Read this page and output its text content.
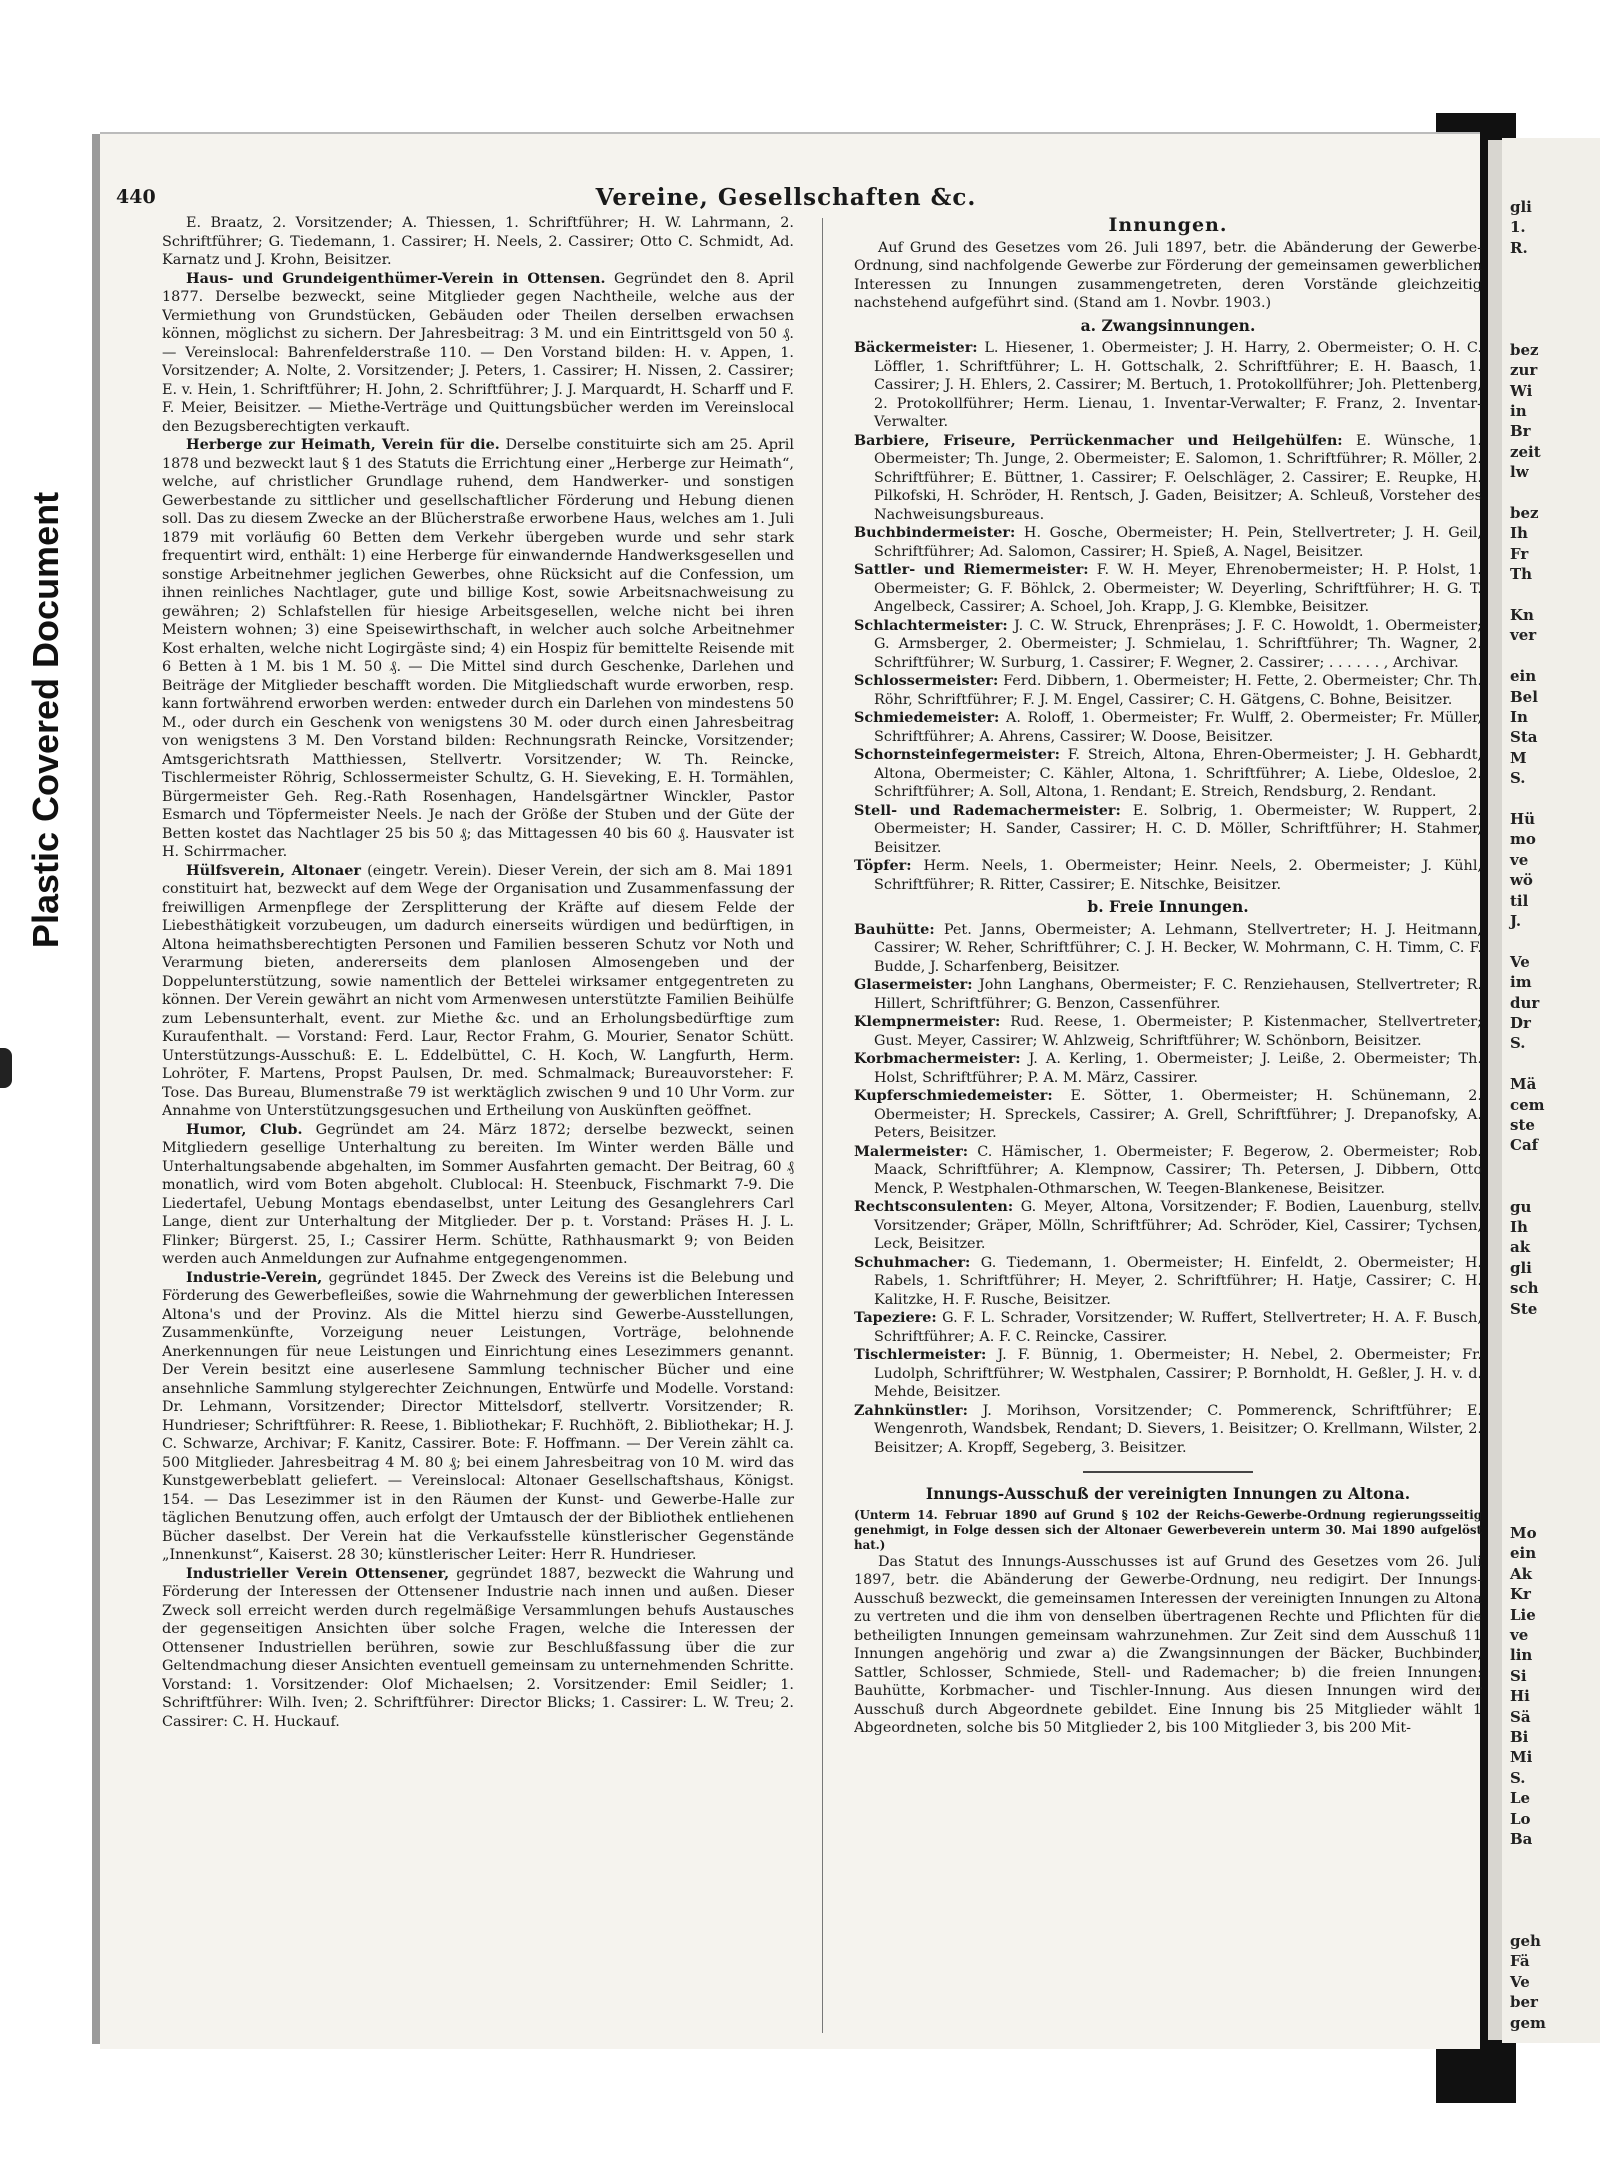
Plastic Covered Document
440	Vereine, Gesellschaften &c.

E. Braatz, 2. Vorsitzender; A. Thiessen, 1. Schriftführer; H. W. Lahrmann, 2. Schriftführer; G. Tiedemann, 1. Cassirer; H. Neels, 2. Cassirer; Otto C. Schmidt, Ad. Karnatz und J. Krohn, Beisitzer.

Haus- und Grundeigenthümer-Verein in Ottensen. Gegründet den 8. April 1877. Derselbe bezweckt, seine Mitglieder gegen Nachtheile, welche aus der Vermiethung von Grundstücken, Gebäuden oder Theilen derselben erwachsen können, möglichst zu sichern. Der Jahresbeitrag: 3 M. und ein Eintrittsgeld von 50 ₰. — Vereinslocal: Bahrenfelderstraße 110. — Den Vorstand bilden: H. v. Appen, 1. Vorsitzender; A. Nolte, 2. Vorsitzender; J. Peters, 1. Cassirer; H. Nissen, 2. Cassirer; E. v. Hein, 1. Schriftführer; H. John, 2. Schriftführer; J. J. Marquardt, H. Scharff und F. F. Meier, Beisitzer. — Miethe-Verträge und Quittungsbücher werden im Vereinslocal den Bezugsberechtigten verkauft.

Herberge zur Heimath, Verein für die. Derselbe constituirte sich am 25. April 1878 und bezweckt laut § 1 des Statuts die Errichtung einer „Herberge zur Heimath“, welche, auf christlicher Grundlage ruhend, dem Handwerker- und sonstigen Gewerbestande zu sittlicher und gesellschaftlicher Förderung und Hebung dienen soll. Das zu diesem Zwecke an der Blücherstraße erworbene Haus, welches am 1. Juli 1879 mit vorläufig 60 Betten dem Verkehr übergeben wurde und sehr stark frequentirt wird, enthält: 1) eine Herberge für einwandernde Handwerksgesellen und sonstige Arbeitnehmer jeglichen Gewerbes, ohne Rücksicht auf die Confession, um ihnen reinliches Nachtlager, gute und billige Kost, sowie Arbeitsnachweisung zu gewähren; 2) Schlafstellen für hiesige Arbeitsgesellen, welche nicht bei ihren Meistern wohnen; 3) eine Speisewirthschaft, in welcher auch solche Arbeitnehmer Kost erhalten, welche nicht Logirgäste sind; 4) ein Hospiz für bemittelte Reisende mit 6 Betten à 1 M. bis 1 M. 50 ₰. — Die Mittel sind durch Geschenke, Darlehen und Beiträge der Mitglieder beschafft worden. Die Mitgliedschaft wurde erworben, resp. kann fortwährend erworben werden: entweder durch ein Darlehen von mindestens 50 M., oder durch ein Geschenk von wenigstens 30 M. oder durch einen Jahresbeitrag von wenigstens 3 M. Den Vorstand bilden: Rechnungsrath Reincke, Vorsitzender; Amtsgerichtsrath Matthiessen, Stellvertr. Vorsitzender; W. Th. Reincke, Tischlermeister Röhrig, Schlossermeister Schultz, G. H. Sieveking, E. H. Tormählen, Bürgermeister Geh. Reg.-Rath Rosenhagen, Handelsgärtner Winckler, Pastor Esmarch und Töpfermeister Neels. Je nach der Größe der Stuben und der Güte der Betten kostet das Nachtlager 25 bis 50 ₰; das Mittagessen 40 bis 60 ₰. Hausvater ist H. Schirrmacher.

Hülfsverein, Altonaer (eingetr. Verein). Dieser Verein, der sich am 8. Mai 1891 constituirt hat, bezweckt auf dem Wege der Organisation und Zusammenfassung der freiwilligen Armenpflege der Zersplitterung der Kräfte auf diesem Felde der Liebesthätigkeit vorzubeugen, um dadurch einerseits würdigen und bedürftigen, in Altona heimathsberechtigten Personen und Familien besseren Schutz vor Noth und Verarmung bieten, andererseits dem planlosen Almosengeben und der Doppelunterstützung, sowie namentlich der Bettelei wirksamer entgegentreten zu können. Der Verein gewährt an nicht vom Armenwesen unterstützte Familien Beihülfe zum Lebensunterhalt, event. zur Miethe &c. und an Erholungsbedürftige zum Kuraufenthalt. — Vorstand: Ferd. Laur, Rector Frahm, G. Mourier, Senator Schütt. Unterstützungs-Ausschuß: E. L. Eddelbüttel, C. H. Koch, W. Langfurth, Herm. Lohröter, F. Martens, Propst Paulsen, Dr. med. Schmalmack; Bureauvorsteher: F. Tose. Das Bureau, Blumenstraße 79 ist werktäglich zwischen 9 und 10 Uhr Vorm. zur Annahme von Unterstützungsgesuchen und Ertheilung von Auskünften geöffnet.

Humor, Club. Gegründet am 24. März 1872; derselbe bezweckt, seinen Mitgliedern gesellige Unterhaltung zu bereiten. Im Winter werden Bälle und Unterhaltungsabende abgehalten, im Sommer Ausfahrten gemacht. Der Beitrag, 60 ₰ monatlich, wird vom Boten abgeholt. Clublocal: H. Steenbuck, Fischmarkt 7-9. Die Liedertafel, Uebung Montags ebendaselbst, unter Leitung des Gesanglehrers Carl Lange, dient zur Unterhaltung der Mitglieder. Der p. t. Vorstand: Präses H. J. L. Flinker; Bürgerst. 25, I.; Cassirer Herm. Schütte, Rathhausmarkt 9; von Beiden werden auch Anmeldungen zur Aufnahme entgegengenommen.

Industrie-Verein, gegründet 1845. Der Zweck des Vereins ist die Belebung und Förderung des Gewerbefleißes, sowie die Wahrnehmung der gewerblichen Interessen Altona's und der Provinz. Als die Mittel hierzu sind Gewerbe-Ausstellungen, Zusammenkünfte, Vorzeigung neuer Leistungen, Vorträge, belohnende Anerkennungen für neue Leistungen und Einrichtung eines Lesezimmers genannt. Der Verein besitzt eine auserlesene Sammlung technischer Bücher und eine ansehnliche Sammlung stylgerechter Zeichnungen, Entwürfe und Modelle. Vorstand: Dr. Lehmann, Vorsitzender; Director Mittelsdorf, stellvertr. Vorsitzender; R. Hundrieser; Schriftführer: R. Reese, 1. Bibliothekar; F. Ruchhöft, 2. Bibliothekar; H. J. C. Schwarze, Archivar; F. Kanitz, Cassirer. Bote: F. Hoffmann. — Der Verein zählt ca. 500 Mitglieder. Jahresbeitrag 4 M. 80 ₰; bei einem Jahresbeitrag von 10 M. wird das Kunstgewerbeblatt geliefert. — Vereinslocal: Altonaer Gesellschaftshaus, Königst. 154. — Das Lesezimmer ist in den Räumen der Kunst- und Gewerbe-Halle zur täglichen Benutzung offen, auch erfolgt der Umtausch der der Bibliothek entliehenen Bücher daselbst. Der Verein hat die Verkaufsstelle künstlerischer Gegenstände „Innenkunst“, Kaiserst. 28 30; künstlerischer Leiter: Herr R. Hundrieser.

Industrieller Verein Ottensener, gegründet 1887, bezweckt die Wahrung und Förderung der Interessen der Ottensener Industrie nach innen und außen. Dieser Zweck soll erreicht werden durch regelmäßige Versammlungen behufs Austausches der gegenseitigen Ansichten über solche Fragen, welche die Interessen der Ottensener Industriellen berühren, sowie zur Beschlußfassung über die zur Geltendmachung dieser Ansichten eventuell gemeinsam zu unternehmenden Schritte. Vorstand: 1. Vorsitzender: Olof Michaelsen; 2. Vorsitzender: Emil Seidler; 1. Schriftführer: Wilh. Iven; 2. Schriftführer: Director Blicks; 1. Cassirer: L. W. Treu; 2. Cassirer: C. H. Huckauf.

Innungen.

Auf Grund des Gesetzes vom 26. Juli 1897, betr. die Abänderung der Gewerbe-Ordnung, sind nachfolgende Gewerbe zur Förderung der gemeinsamen gewerblichen Interessen zu Innungen zusammengetreten, deren Vorstände gleichzeitig nachstehend aufgeführt sind. (Stand am 1. Novbr. 1903.)

a. Zwangsinnungen.

Bäckermeister: L. Hiesener, 1. Obermeister; J. H. Harry, 2. Obermeister; O. H. C. Löffler, 1. Schriftführer; L. H. Gottschalk, 2. Schriftführer; E. H. Baasch, 1. Cassirer; J. H. Ehlers, 2. Cassirer; M. Bertuch, 1. Protokollführer; Joh. Plettenberg, 2. Protokollführer; Herm. Lienau, 1. Inventar-Verwalter; F. Franz, 2. Inventar-Verwalter.

Barbiere, Friseure, Perrückenmacher und Heilgehülfen: E. Wünsche, 1. Obermeister; Th. Junge, 2. Obermeister; E. Salomon, 1. Schriftführer; R. Möller, 2. Schriftführer; E. Büttner, 1. Cassirer; F. Oelschläger, 2. Cassirer; E. Reupke, H. Pilkofski, H. Schröder, H. Rentsch, J. Gaden, Beisitzer; A. Schleuß, Vorsteher des Nachweisungsbureaus.

Buchbindermeister: H. Gosche, Obermeister; H. Pein, Stellvertreter; J. H. Geil, Schriftführer; Ad. Salomon, Cassirer; H. Spieß, A. Nagel, Beisitzer.

Sattler- und Riemermeister: F. W. H. Meyer, Ehrenobermeister; H. P. Holst, 1. Obermeister; G. F. Böhlck, 2. Obermeister; W. Deyerling, Schriftführer; H. G. T. Angelbeck, Cassirer; A. Schoel, Joh. Krapp, J. G. Klembke, Beisitzer.

Schlachtermeister: J. C. W. Struck, Ehrenpräses; J. F. C. Howoldt, 1. Obermeister; G. Armsberger, 2. Obermeister; J. Schmielau, 1. Schriftführer; Th. Wagner, 2. Schriftführer; W. Surburg, 1. Cassirer; F. Wegner, 2. Cassirer; . . . . . . , Archivar.

Schlossermeister: Ferd. Dibbern, 1. Obermeister; H. Fette, 2. Obermeister; Chr. Th. Röhr, Schriftführer; F. J. M. Engel, Cassirer; C. H. Gätgens, C. Bohne, Beisitzer.

Schmiedemeister: A. Roloff, 1. Obermeister; Fr. Wulff, 2. Obermeister; Fr. Müller, Schriftführer; A. Ahrens, Cassirer; W. Doose, Beisitzer.

Schornsteinfegermeister: F. Streich, Altona, Ehren-Obermeister; J. H. Gebhardt, Altona, Obermeister; C. Kähler, Altona, 1. Schriftführer; A. Liebe, Oldesloe, 2. Schriftführer; A. Soll, Altona, 1. Rendant; E. Streich, Rendsburg, 2. Rendant.

Stell- und Rademachermeister: E. Solbrig, 1. Obermeister; W. Ruppert, 2. Obermeister; H. Sander, Cassirer; H. C. D. Möller, Schriftführer; H. Stahmer, Beisitzer.

Töpfer: Herm. Neels, 1. Obermeister; Heinr. Neels, 2. Obermeister; J. Kühl, Schriftführer; R. Ritter, Cassirer; E. Nitschke, Beisitzer.

b. Freie Innungen.

Bauhütte: Pet. Janns, Obermeister; A. Lehmann, Stellvertreter; H. J. Heitmann, Cassirer; W. Reher, Schriftführer; C. J. H. Becker, W. Mohrmann, C. H. Timm, C. F. Budde, J. Scharfenberg, Beisitzer.

Glasermeister: John Langhans, Obermeister; F. C. Renziehausen, Stellvertreter; R. Hillert, Schriftführer; G. Benzon, Cassenführer.

Klempnermeister: Rud. Reese, 1. Obermeister; P. Kistenmacher, Stellvertreter; Gust. Meyer, Cassirer; W. Ahlzweig, Schriftführer; W. Schönborn, Beisitzer.

Korbmachermeister: J. A. Kerling, 1. Obermeister; J. Leiße, 2. Obermeister; Th. Holst, Schriftführer; P. A. M. März, Cassirer.

Kupferschmiedemeister: E. Sötter, 1. Obermeister; H. Schünemann, 2. Obermeister; H. Spreckels, Cassirer; A. Grell, Schriftführer; J. Drepanofsky, A. Peters, Beisitzer.

Malermeister: C. Hämischer, 1. Obermeister; F. Begerow, 2. Obermeister; Rob. Maack, Schriftführer; A. Klempnow, Cassirer; Th. Petersen, J. Dibbern, Otto Menck, P. Westphalen-Othmarschen, W. Teegen-Blankenese, Beisitzer.

Rechtsconsulenten: G. Meyer, Altona, Vorsitzender; F. Bodien, Lauenburg, stellv. Vorsitzender; Gräper, Mölln, Schriftführer; Ad. Schröder, Kiel, Cassirer; Tychsen, Leck, Beisitzer.

Schuhmacher: G. Tiedemann, 1. Obermeister; H. Einfeldt, 2. Obermeister; H. Rabels, 1. Schriftführer; H. Meyer, 2. Schriftführer; H. Hatje, Cassirer; C. H. Kalitzke, H. F. Rusche, Beisitzer.

Tapeziere: G. F. L. Schrader, Vorsitzender; W. Ruffert, Stellvertreter; H. A. F. Busch, Schriftführer; A. F. C. Reincke, Cassirer.

Tischlermeister: J. F. Bünnig, 1. Obermeister; H. Nebel, 2. Obermeister; Fr. Ludolph, Schriftführer; W. Westphalen, Cassirer; P. Bornholdt, H. Geßler, J. H. v. d. Mehde, Beisitzer.

Zahnkünstler: J. Morihson, Vorsitzender; C. Pommerenck, Schriftführer; E. Wengenroth, Wandsbek, Rendant; D. Sievers, 1. Beisitzer; O. Krellmann, Wilster, 2. Beisitzer; A. Kropff, Segeberg, 3. Beisitzer.

Innungs-Ausschuß der vereinigten Innungen zu Altona.

(Unterm 14. Februar 1890 auf Grund § 102 der Reichs-Gewerbe-Ordnung regierungsseitig genehmigt, in Folge dessen sich der Altonaer Gewerbeverein unterm 30. Mai 1890 aufgelöst hat.)

Das Statut des Innungs-Ausschusses ist auf Grund des Gesetzes vom 26. Juli 1897, betr. die Abänderung der Gewerbe-Ordnung, neu redigirt. Der Innungs-Ausschuß bezweckt, die gemeinsamen Interessen der vereinigten Innungen zu Altona zu vertreten und die ihm von denselben übertragenen Rechte und Pflichten für die betheiligten Innungen gemeinsam wahrzunehmen. Zur Zeit sind dem Ausschuß 11 Innungen angehörig und zwar a) die Zwangsinnungen der Bäcker, Buchbinder, Sattler, Schlosser, Schmiede, Stell- und Rademacher; b) die freien Innungen: Bauhütte, Korbmacher- und Tischler-Innung. Aus diesen Innungen wird der Ausschuß durch Abgeordnete gebildet. Eine Innung bis 25 Mitglieder wählt 1 Abgeordneten, solche bis 50 Mitglieder 2, bis 100 Mitglieder 3, bis 200 Mit-

gli
1.
R.
bez
zur
Wi
in
Br
zeit
lw
bez
Ih
Fr
Th
Kn
ver
ein
Bel
In
Sta
M
S.
Hü
mo
ve
wö
til
J.
Ve
im
dur
Dr
S.
Mä
cem
ste
Caf
gu
Ih
ak
gli
sch
Ste
Mo
ein
Ak
Kr
Lie
ve
lin
Si
Hi
Sä
Bi
Mi
S.
Le
Lo
Ba
geh
Fä
Ve
ber
gem
